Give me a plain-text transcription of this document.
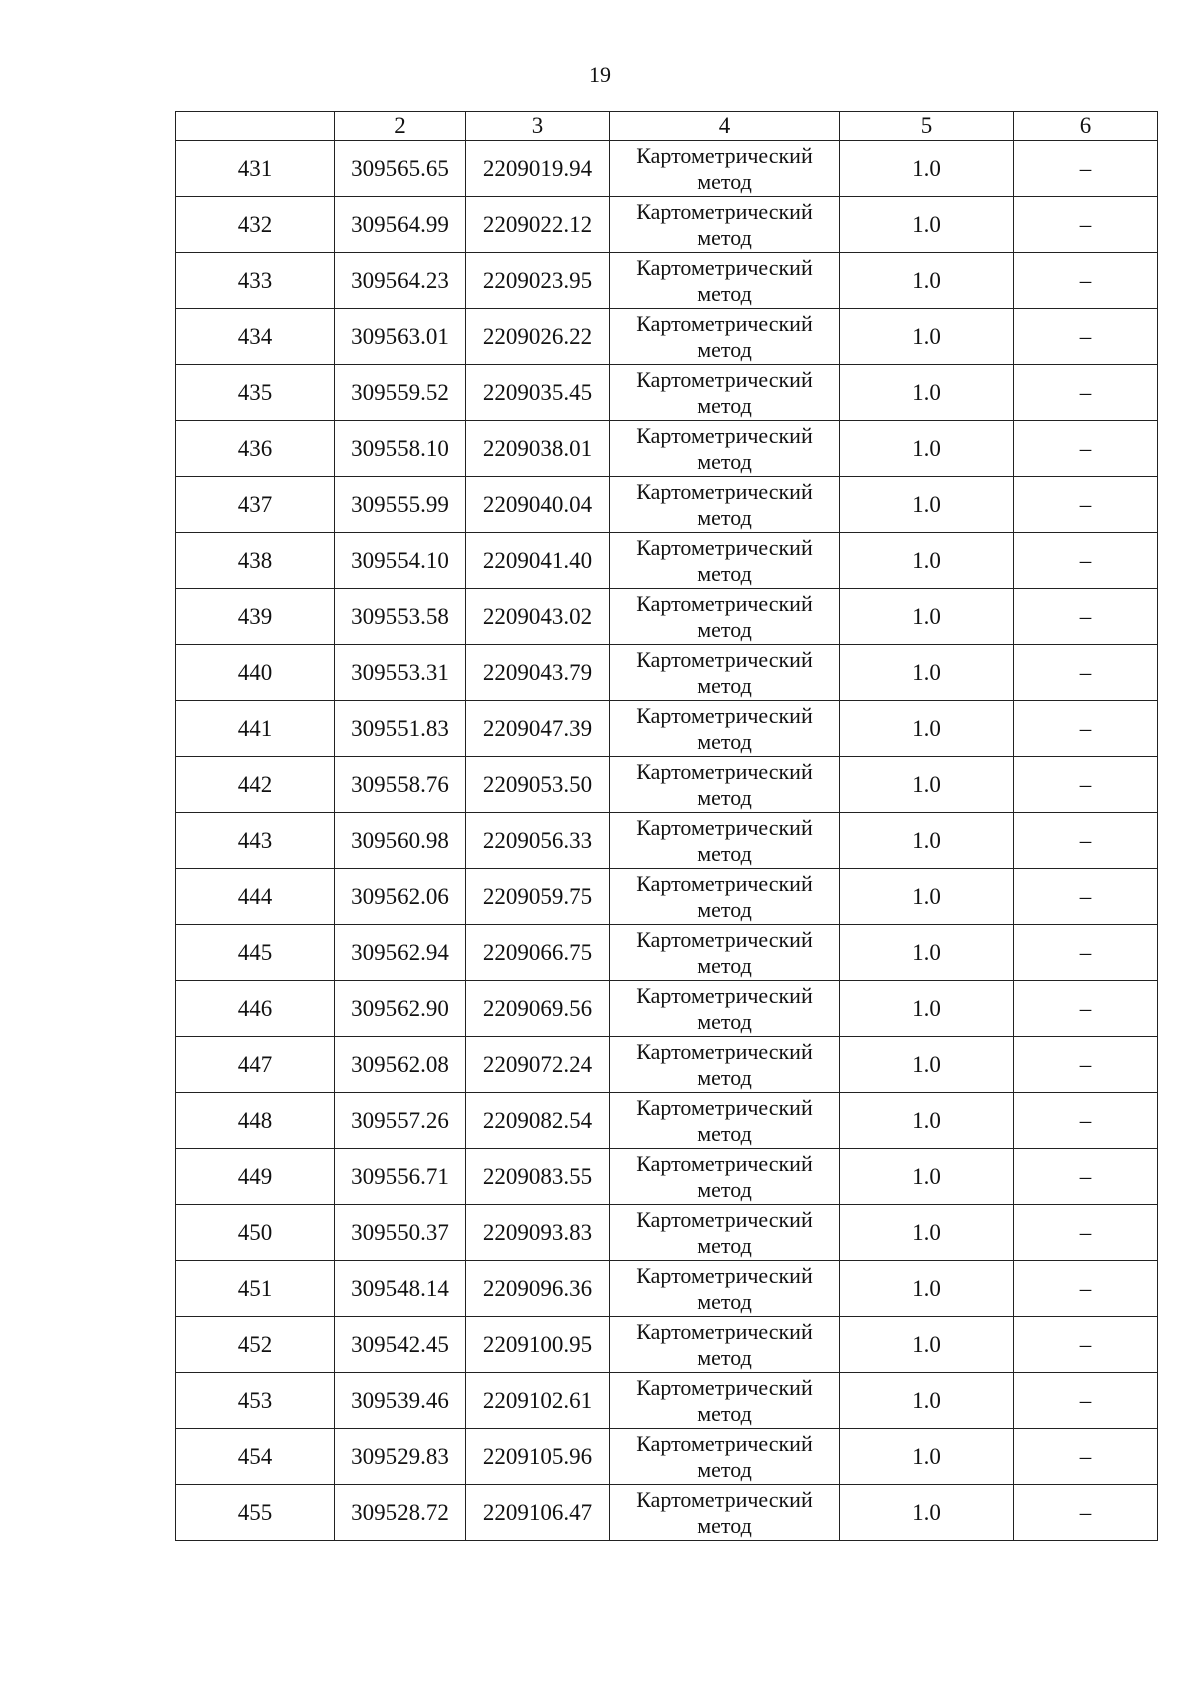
19
	2	3	4	5	6
431	309565.65	2209019.94	Картометрический метод	1.0	–
432	309564.99	2209022.12	Картометрический метод	1.0	–
433	309564.23	2209023.95	Картометрический метод	1.0	–
434	309563.01	2209026.22	Картометрический метод	1.0	–
435	309559.52	2209035.45	Картометрический метод	1.0	–
436	309558.10	2209038.01	Картометрический метод	1.0	–
437	309555.99	2209040.04	Картометрический метод	1.0	–
438	309554.10	2209041.40	Картометрический метод	1.0	–
439	309553.58	2209043.02	Картометрический метод	1.0	–
440	309553.31	2209043.79	Картометрический метод	1.0	–
441	309551.83	2209047.39	Картометрический метод	1.0	–
442	309558.76	2209053.50	Картометрический метод	1.0	–
443	309560.98	2209056.33	Картометрический метод	1.0	–
444	309562.06	2209059.75	Картометрический метод	1.0	–
445	309562.94	2209066.75	Картометрический метод	1.0	–
446	309562.90	2209069.56	Картометрический метод	1.0	–
447	309562.08	2209072.24	Картометрический метод	1.0	–
448	309557.26	2209082.54	Картометрический метод	1.0	–
449	309556.71	2209083.55	Картометрический метод	1.0	–
450	309550.37	2209093.83	Картометрический метод	1.0	–
451	309548.14	2209096.36	Картометрический метод	1.0	–
452	309542.45	2209100.95	Картометрический метод	1.0	–
453	309539.46	2209102.61	Картометрический метод	1.0	–
454	309529.83	2209105.96	Картометрический метод	1.0	–
455	309528.72	2209106.47	Картометрический метод	1.0	–
